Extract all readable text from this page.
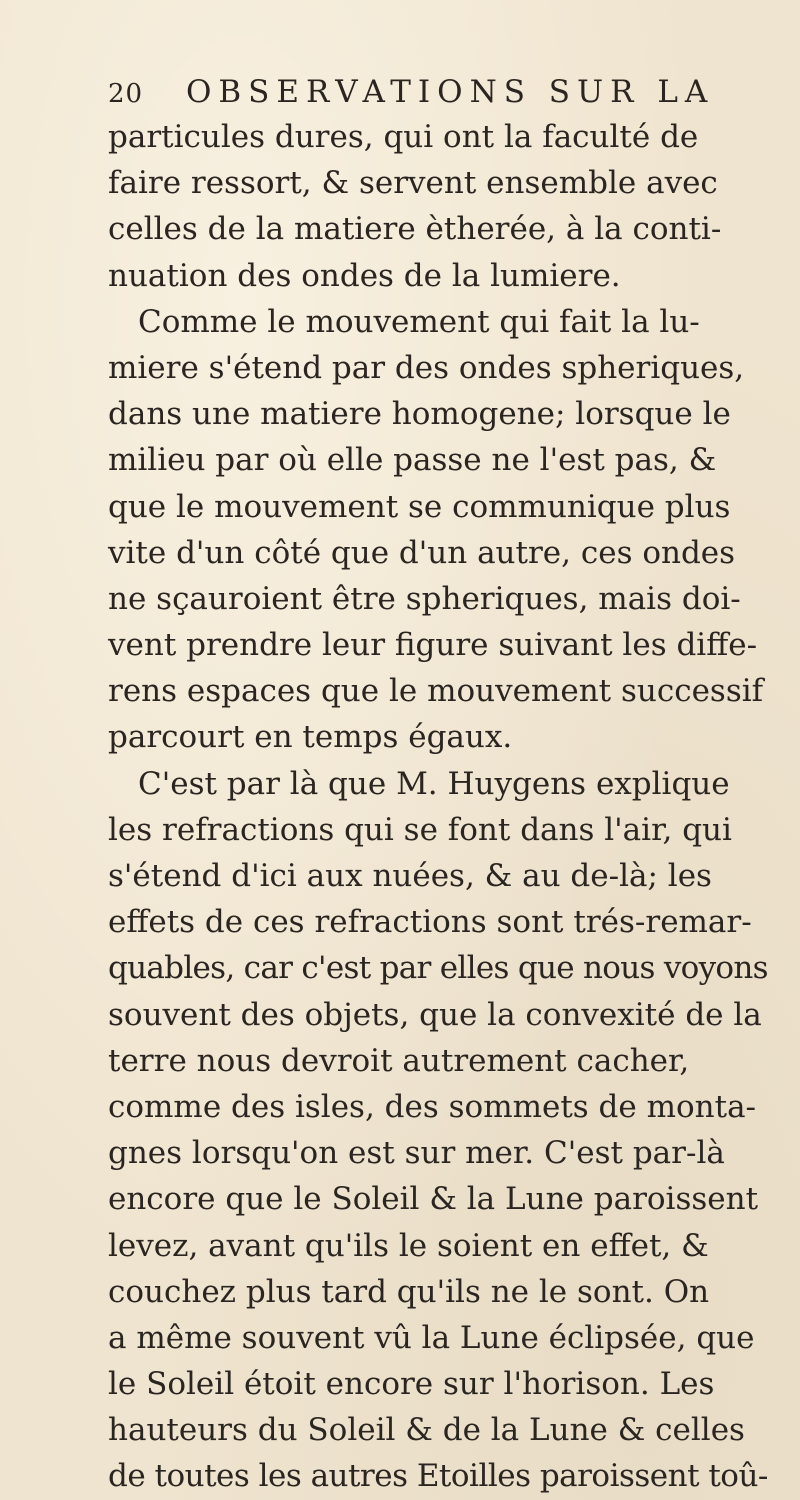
20 OBSERVATIONS SUR LA
particules dures, qui ont la faculté de
faire ressort, & servent ensemble avec
celles de la matiere ètherée, à la conti-
nuation des ondes de la lumiere.
Comme le mouvement qui fait la lu-
miere s'étend par des ondes spheriques,
dans une matiere homogene; lorsque le
milieu par où elle passe ne l'est pas, &
que le mouvement se communique plus
vite d'un côté que d'un autre, ces ondes
ne sçauroient être spheriques, mais doi-
vent prendre leur figure suivant les diffe-
rens espaces que le mouvement successif
parcourt en temps égaux.
C'est par là que M. Huygens explique
les refractions qui se font dans l'air, qui
s'étend d'ici aux nuées, & au de-là; les
effets de ces refractions sont trés-remar-
quables, car c'est par elles que nous voyons
souvent des objets, que la convexité de la
terre nous devroit autrement cacher,
comme des isles, des sommets de monta-
gnes lorsqu'on est sur mer. C'est par-là
encore que le Soleil & la Lune paroissent
levez, avant qu'ils le soient en effet, &
couchez plus tard qu'ils ne le sont. On
a même souvent vû la Lune éclipsée, que
le Soleil étoit encore sur l'horison. Les
hauteurs du Soleil & de la Lune & celles
de toutes les autres Etoilles paroissent toû-
